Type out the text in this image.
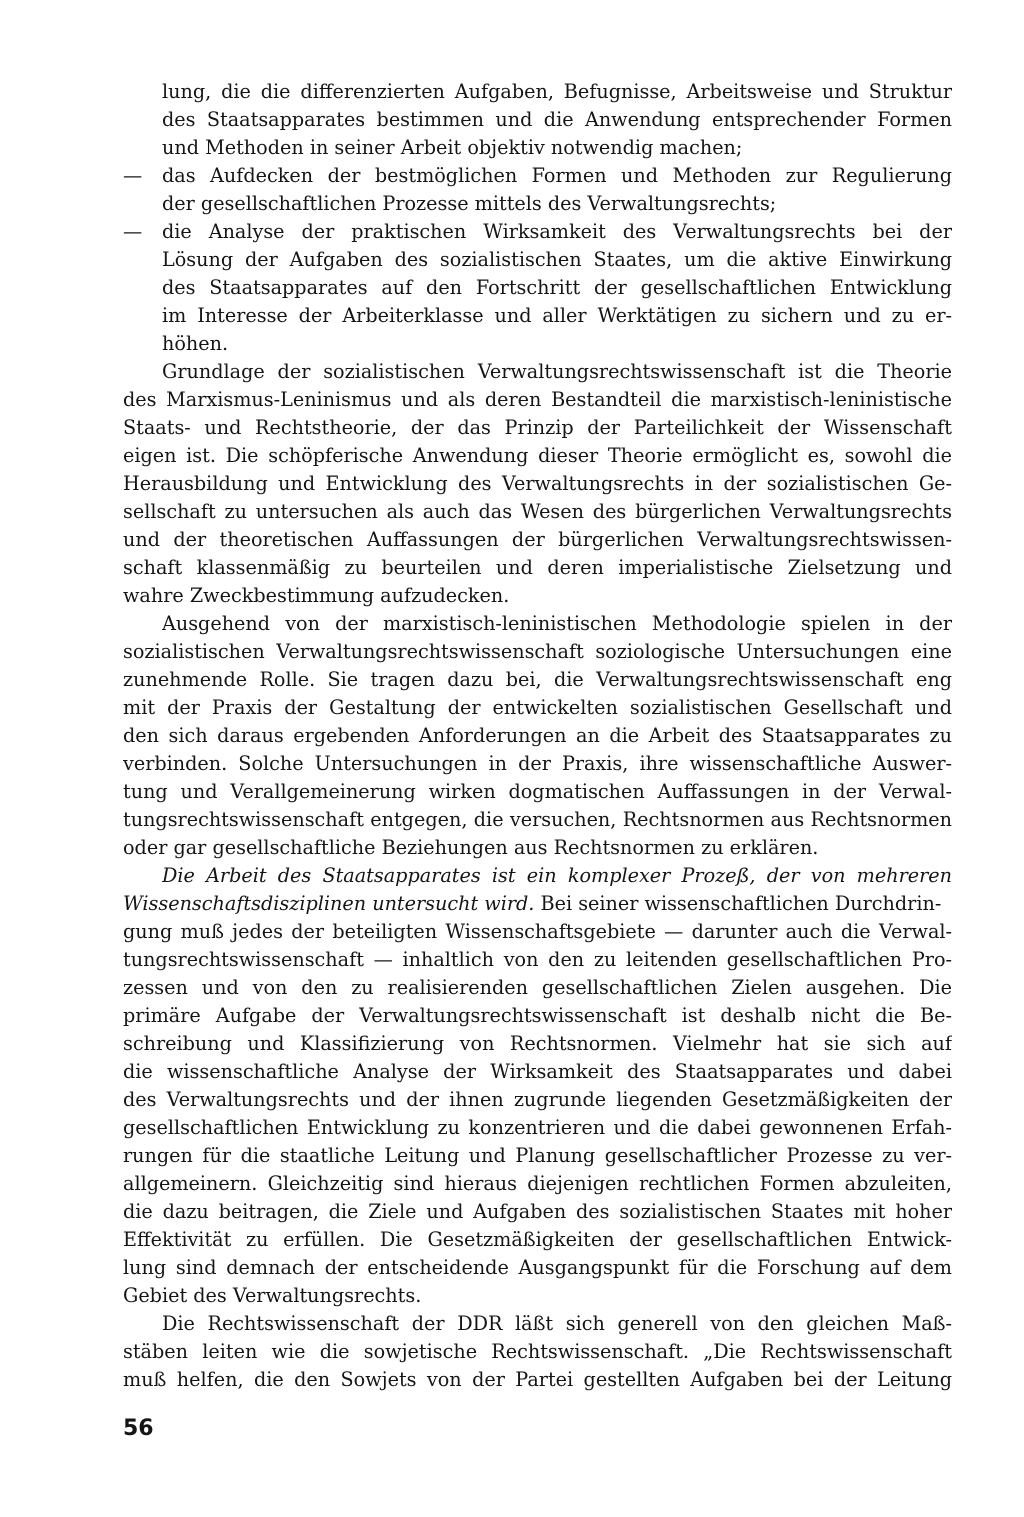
lung, die die differenzierten Aufgaben, Befugnisse, Arbeitsweise und Struktur
des Staatsapparates bestimmen und die Anwendung entsprechender Formen
und Methoden in seiner Arbeit objektiv notwendig machen;
— das Aufdecken der bestmöglichen Formen und Methoden zur Regulierung
der gesellschaftlichen Prozesse mittels des Verwaltungsrechts;
— die Analyse der praktischen Wirksamkeit des Verwaltungsrechts bei der
Lösung der Aufgaben des sozialistischen Staates, um die aktive Einwirkung
des Staatsapparates auf den Fortschritt der gesellschaftlichen Entwicklung
im Interesse der Arbeiterklasse und aller Werktätigen zu sichern und zu er-
höhen.
Grundlage der sozialistischen Verwaltungsrechtswissenschaft ist die Theorie
des Marxismus-Leninismus und als deren Bestandteil die marxistisch-leninistische
Staats- und Rechtstheorie, der das Prinzip der Parteilichkeit der Wissenschaft
eigen ist. Die schöpferische Anwendung dieser Theorie ermöglicht es, sowohl die
Herausbildung und Entwicklung des Verwaltungsrechts in der sozialistischen Ge-
sellschaft zu untersuchen als auch das Wesen des bürgerlichen Verwaltungsrechts
und der theoretischen Auffassungen der bürgerlichen Verwaltungsrechtswissen-
schaft klassenmäßig zu beurteilen und deren imperialistische Zielsetzung und
wahre Zweckbestimmung aufzudecken.
Ausgehend von der marxistisch-leninistischen Methodologie spielen in der
sozialistischen Verwaltungsrechtswissenschaft soziologische Untersuchungen eine
zunehmende Rolle. Sie tragen dazu bei, die Verwaltungsrechtswissenschaft eng
mit der Praxis der Gestaltung der entwickelten sozialistischen Gesellschaft und
den sich daraus ergebenden Anforderungen an die Arbeit des Staatsapparates zu
verbinden. Solche Untersuchungen in der Praxis, ihre wissenschaftliche Auswer-
tung und Verallgemeinerung wirken dogmatischen Auffassungen in der Verwal-
tungsrechtswissenschaft entgegen, die versuchen, Rechtsnormen aus Rechtsnormen
oder gar gesellschaftliche Beziehungen aus Rechtsnormen zu erklären.
Die Arbeit des Staatsapparates ist ein komplexer Prozeß, der von mehreren
Wissenschaftsdisziplinen untersucht wird. Bei seiner wissenschaftlichen Durchdrin-
gung muß jedes der beteiligten Wissenschaftsgebiete — darunter auch die Verwal-
tungsrechtswissenschaft — inhaltlich von den zu leitenden gesellschaftlichen Pro-
zessen und von den zu realisierenden gesellschaftlichen Zielen ausgehen. Die
primäre Aufgabe der Verwaltungsrechtswissenschaft ist deshalb nicht die Be-
schreibung und Klassifizierung von Rechtsnormen. Vielmehr hat sie sich auf
die wissenschaftliche Analyse der Wirksamkeit des Staatsapparates und dabei
des Verwaltungsrechts und der ihnen zugrunde liegenden Gesetzmäßigkeiten der
gesellschaftlichen Entwicklung zu konzentrieren und die dabei gewonnenen Erfah-
rungen für die staatliche Leitung und Planung gesellschaftlicher Prozesse zu ver-
allgemeinern. Gleichzeitig sind hieraus diejenigen rechtlichen Formen abzuleiten,
die dazu beitragen, die Ziele und Aufgaben des sozialistischen Staates mit hoher
Effektivität zu erfüllen. Die Gesetzmäßigkeiten der gesellschaftlichen Entwick-
lung sind demnach der entscheidende Ausgangspunkt für die Forschung auf dem
Gebiet des Verwaltungsrechts.
Die Rechtswissenschaft der DDR läßt sich generell von den gleichen Maß-
stäben leiten wie die sowjetische Rechtswissenschaft. „Die Rechtswissenschaft
muß helfen, die den Sowjets von der Partei gestellten Aufgaben bei der Leitung
56
